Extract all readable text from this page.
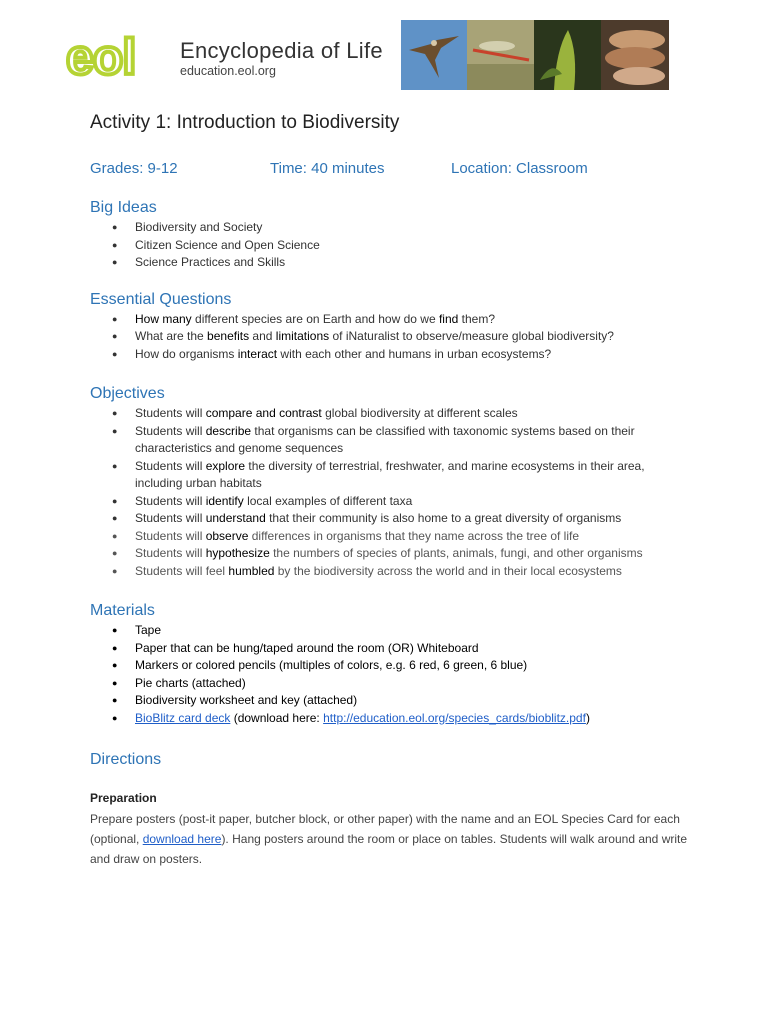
eol Encyclopedia of Life
education.eol.org
Activity 1: Introduction to Biodiversity
Grades: 9-12	Time: 40 minutes	Location: Classroom
Big Ideas
● Biodiversity and Society
● Citizen Science and Open Science
● Science Practices and Skills
Essential Questions
● How many different species are on Earth and how do we find them?
● What are the benefits and limitations of iNaturalist to observe/measure global biodiversity?
● How do organisms interact with each other and humans in urban ecosystems?
Objectives
● Students will compare and contrast global biodiversity at different scales
● Students will describe that organisms can be classified with taxonomic systems based on their characteristics and genome sequences
● Students will explore the diversity of terrestrial, freshwater, and marine ecosystems in their area, including urban habitats
● Students will identify local examples of different taxa
● Students will understand that their community is also home to a great diversity of organisms
● Students will observe differences in organisms that they name across the tree of life
● Students will hypothesize the numbers of species of plants, animals, fungi, and other organisms
● Students will feel humbled by the biodiversity across the world and in their local ecosystems
Materials
● Tape
● Paper that can be hung/taped around the room (OR) Whiteboard
● Markers or colored pencils (multiples of colors, e.g. 6 red, 6 green, 6 blue)
● Pie charts (attached)
● Biodiversity worksheet and key (attached)
● BioBlitz card deck (download here: http://education.eol.org/species_cards/bioblitz.pdf)
Directions
Preparation
Prepare posters (post-it paper, butcher block, or other paper) with the name and an EOL Species Card for each (optional, download here). Hang posters around the room or place on tables. Students will walk around and write and draw on posters.
